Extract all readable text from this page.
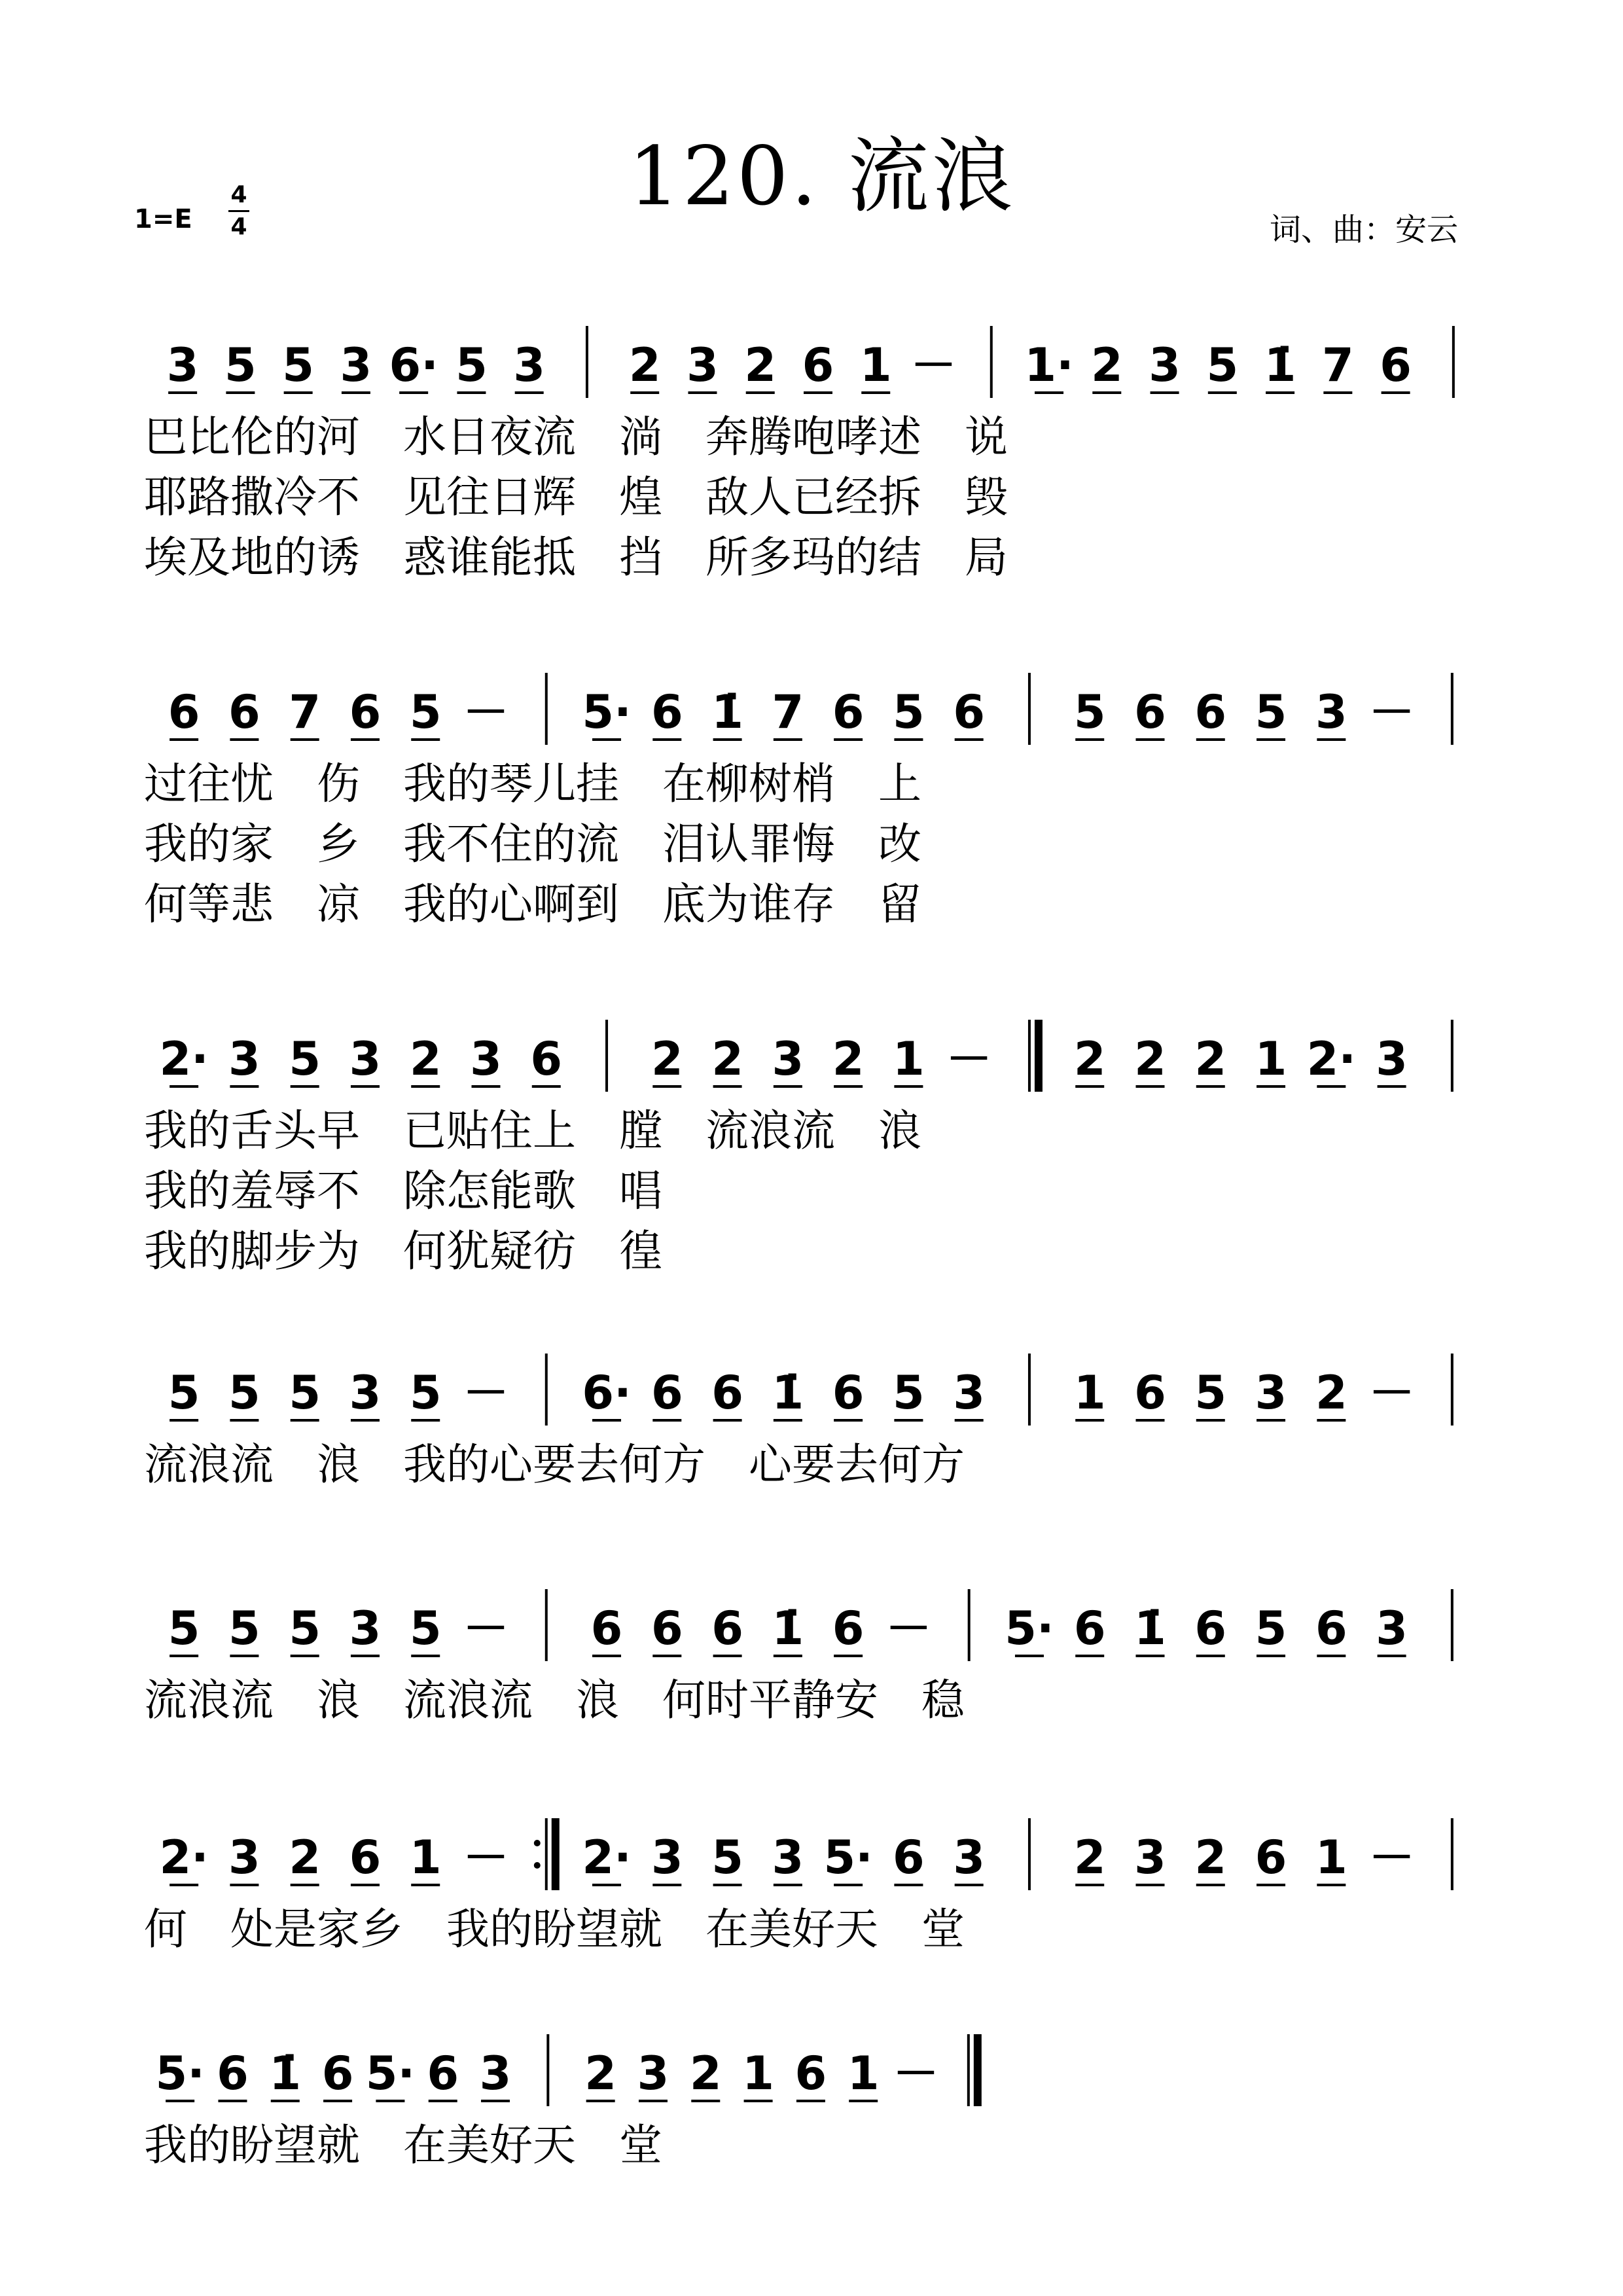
120. 流浪
1=E
4
4	词、曲：安云
3 5 5 3 6· 5 3 2 3 2 6 1 － 1· 2 3 5 1̇ 7 6
巴比伦的河　水日夜流　淌　奔腾咆哮述　说
耶路撒冷不　见往日辉　煌　敌人已经拆　毁
埃及地的诱　惑谁能抵　挡　所多玛的结　局
6 6 7 6 5 － 5· 6 1̇ 7 6 5 6 5 6 6 5 3 －
过往忧　伤　我的琴儿挂　在柳树梢　上
我的家　乡　我不住的流　泪认罪悔　改
何等悲　凉　我的心啊到　底为谁存　留
2· 3 5 3 2 3 6 2 2 3 2 1 － 2 2 2 1 2· 3
我的舌头早　已贴住上　膛　流浪流　浪
我的羞辱不　除怎能歌　唱
我的脚步为　何犹疑彷　徨
5 5 5 3 5 － 6· 6 6 1̇ 6 5 3 1 6 5 3 2 －
流浪流　浪　我的心要去何方　心要去何方
5 5 5 3 5 － 6 6 6 1̇ 6 － 5· 6 1̇ 6 5 6 3
流浪流　浪　流浪流　浪　何时平静安　稳
2· 3 2 6 1 － 2· 3 5 3 5· 6 3 2 3 2 6 1 －
何　处是家乡　我的盼望就　在美好天　堂
5· 6 1̇ 6 5· 6 3 2 3 2 1 6 1 －
我的盼望就　在美好天　堂
